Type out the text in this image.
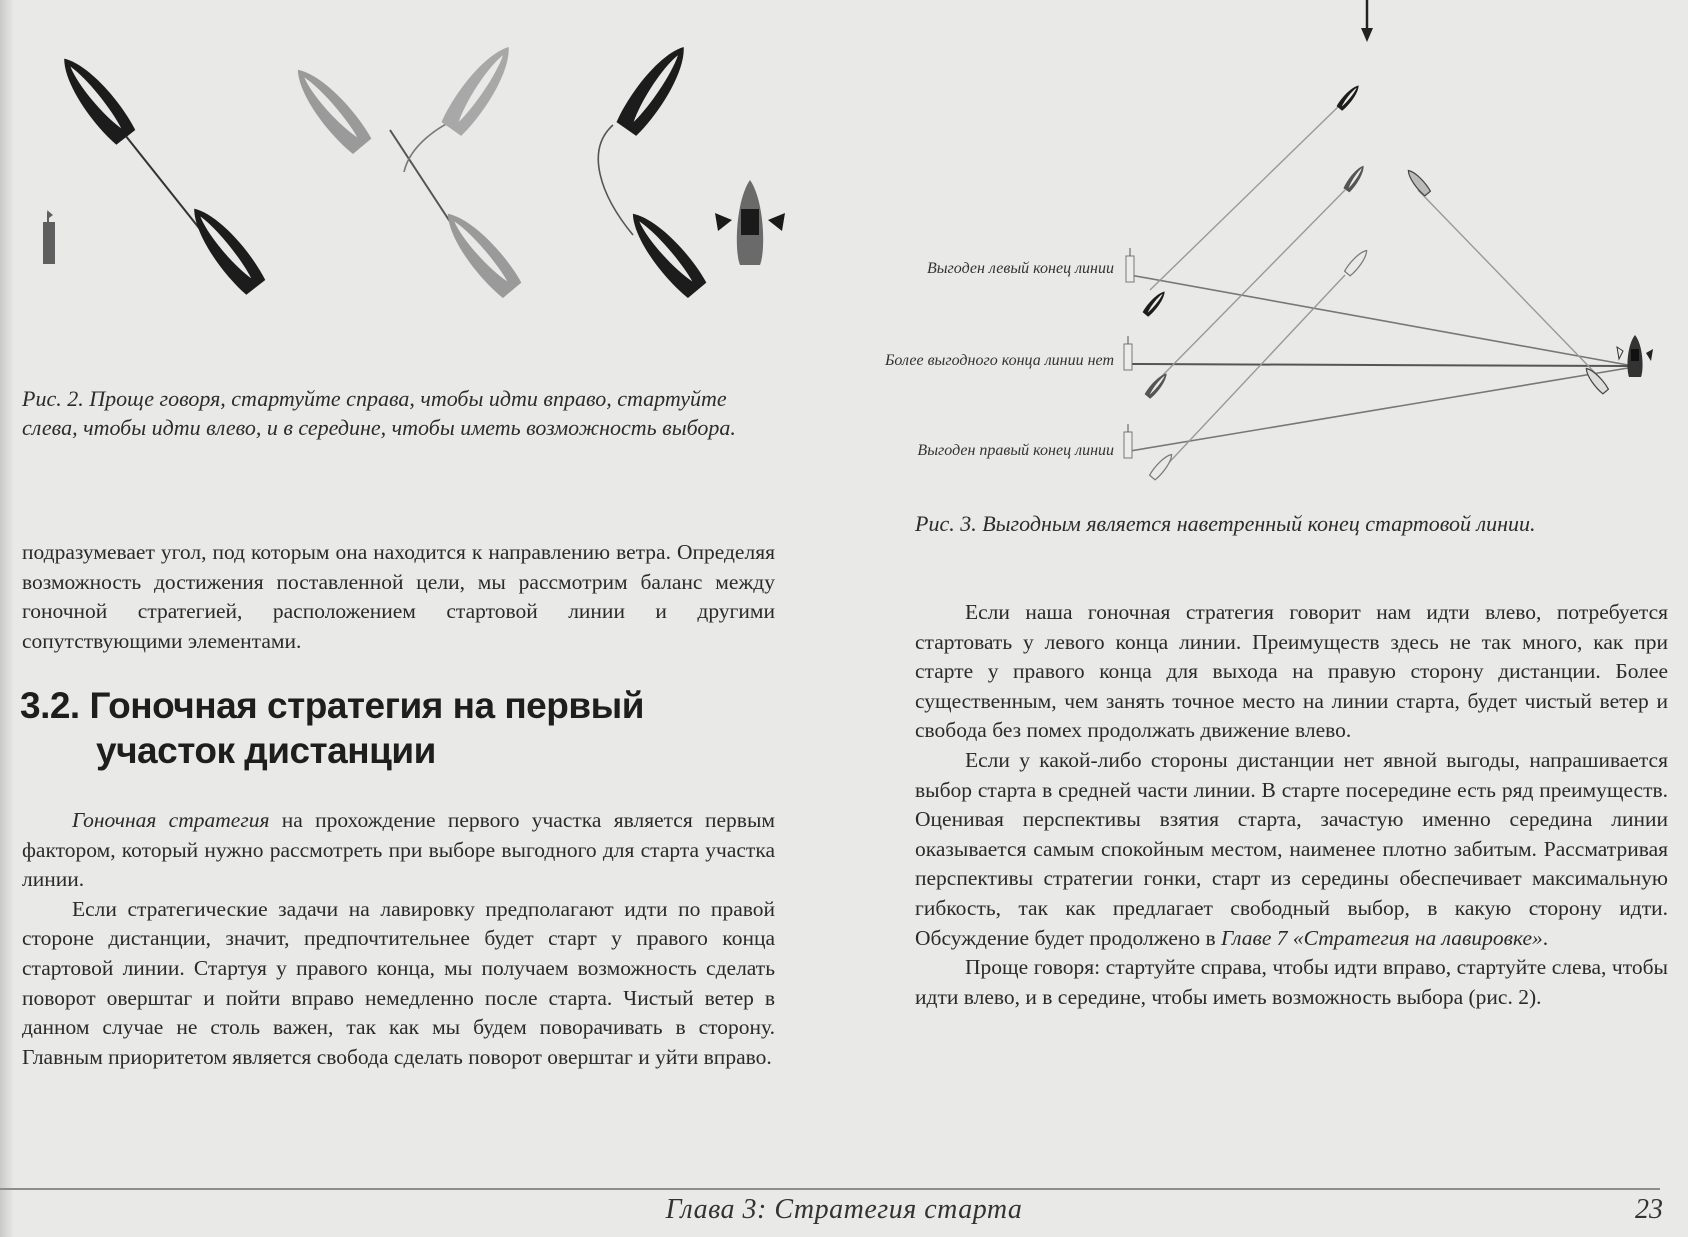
Выгоден левый конец линии
Более выгодного конца линии нет
Выгоден правый конец линии
Рис. 2. Проще говоря, стартуйте справа, чтобы идти вправо, стартуйте слева, чтобы идти влево, и в середине, чтобы иметь возможность выбора.
Рис. 3. Выгодным является наветренный конец стартовой линии.

подразумевает угол, под которым она находится к направлению ветра. Определяя возможность достижения поставленной цели, мы рассмотрим баланс между гоночной стратегией, расположением стартовой линии и другими сопутствующими элементами.

3.2. Гоночная стратегия на первый
участок дистанции

Гоночная стратегия на прохождение первого участка является первым фактором, который нужно рассмотреть при выборе выгодного для старта участка линии.

Если стратегические задачи на лавировку предполагают идти по правой стороне дистанции, значит, предпочтительнее будет старт у правого конца стартовой линии. Стартуя у правого конца, мы получаем возможность сделать поворот оверштаг и пойти вправо немедленно после старта. Чистый ветер в данном случае не столь важен, так как мы будем поворачивать в сторону. Главным приоритетом является свобода сделать поворот оверштаг и уйти вправо.

Если наша гоночная стратегия говорит нам идти влево, потребуется стартовать у левого конца линии. Преимуществ здесь не так много, как при старте у правого конца для выхода на правую сторону дистанции. Более существенным, чем занять точное место на линии старта, будет чистый ветер и свобода без помех продолжать движение влево.

Если у какой-либо стороны дистанции нет явной выгоды, напрашивается выбор старта в средней части линии. В старте посередине есть ряд преимуществ. Оценивая перспективы взятия старта, зачастую именно середина линии оказывается самым спокойным местом, наименее плотно забитым. Рассматривая перспективы стратегии гонки, старт из середины обеспечивает максимальную гибкость, так как предлагает свободный выбор, в какую сторону идти. Обсуждение будет продолжено в Главе 7 «Стратегия на лавировке».

Проще говоря: стартуйте справа, чтобы идти вправо, стартуйте слева, чтобы идти влево, и в середине, чтобы иметь возможность выбора (рис. 2).

Глава 3: Стратегия старта	23
